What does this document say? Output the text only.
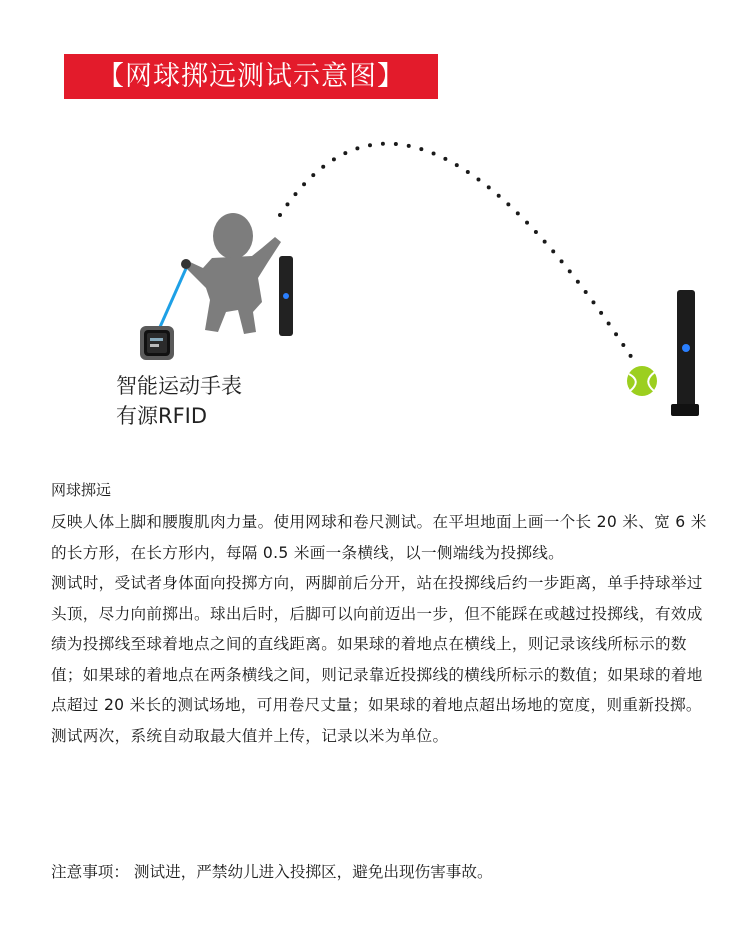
【网球掷远测试示意图】
智能运动手表
有源RFID
网球掷远

反映人体上脚和腰腹肌肉力量。使用网球和卷尺测试。在平坦地面上画一个长 20 米、宽 6 米的长方形，在长方形内，每隔 0.5 米画一条横线，以一侧端线为投掷线。

测试时，受试者身体面向投掷方向，两脚前后分开，站在投掷线后约一步距离，单手持球举过头顶，尽力向前掷出。球出后时，后脚可以向前迈出一步，但不能踩在或越过投掷线，有效成绩为投掷线至球着地点之间的直线距离。如果球的着地点在横线上，则记录该线所标示的数值；如果球的着地点在两条横线之间，则记录靠近投掷线的横线所标示的数值；如果球的着地点超过 20 米长的测试场地，可用卷尺丈量；如果球的着地点超出场地的宽度，则重新投掷。测试两次，系统自动取最大值并上传，记录以米为单位。

注意事项： 测试进，严禁幼儿进入投掷区，避免出现伤害事故。
